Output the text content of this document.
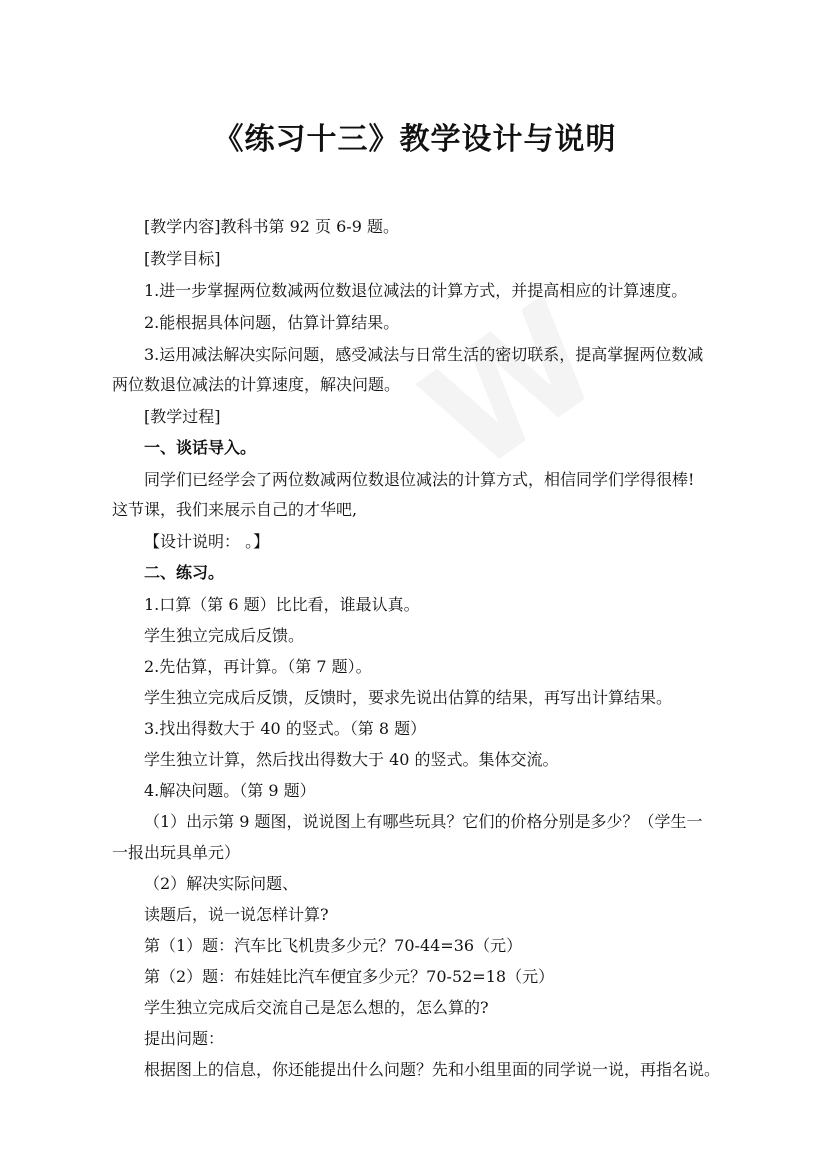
《练习十三》教学设计与说明
[教学内容]教科书第 92 页 6-9 题。
[教学目标]
1.进一步掌握两位数减两位数退位减法的计算方式，并提高相应的计算速度。
2.能根据具体问题，估算计算结果。
3.运用减法解决实际问题，感受减法与日常生活的密切联系，提高掌握两位数减
两位数退位减法的计算速度，解决问题。
[教学过程]
一、谈话导入。
同学们已经学会了两位数减两位数退位减法的计算方式，相信同学们学得很棒!
这节课，我们来展示自己的才华吧,
【设计说明： 。】
二、练习。
1.口算（第 6 题）比比看，谁最认真。
学生独立完成后反馈。
2.先估算，再计算。（第 7 题）。
学生独立完成后反馈，反馈时，要求先说出估算的结果，再写出计算结果。
3.找出得数大于 40 的竖式。（第 8 题）
学生独立计算，然后找出得数大于 40 的竖式。集体交流。
4.解决问题。（第 9 题）
（1）出示第 9 题图，说说图上有哪些玩具？它们的价格分别是多少？（学生一
一报出玩具单元）
（2）解决实际问题、
读题后，说一说怎样计算?
第（1）题：汽车比飞机贵多少元？70-44=36（元）
第（2）题：布娃娃比汽车便宜多少元？70-52=18（元）
学生独立完成后交流自己是怎么想的，怎么算的?
提出问题：
根据图上的信息，你还能提出什么问题？先和小组里面的同学说一说，再指名说。
